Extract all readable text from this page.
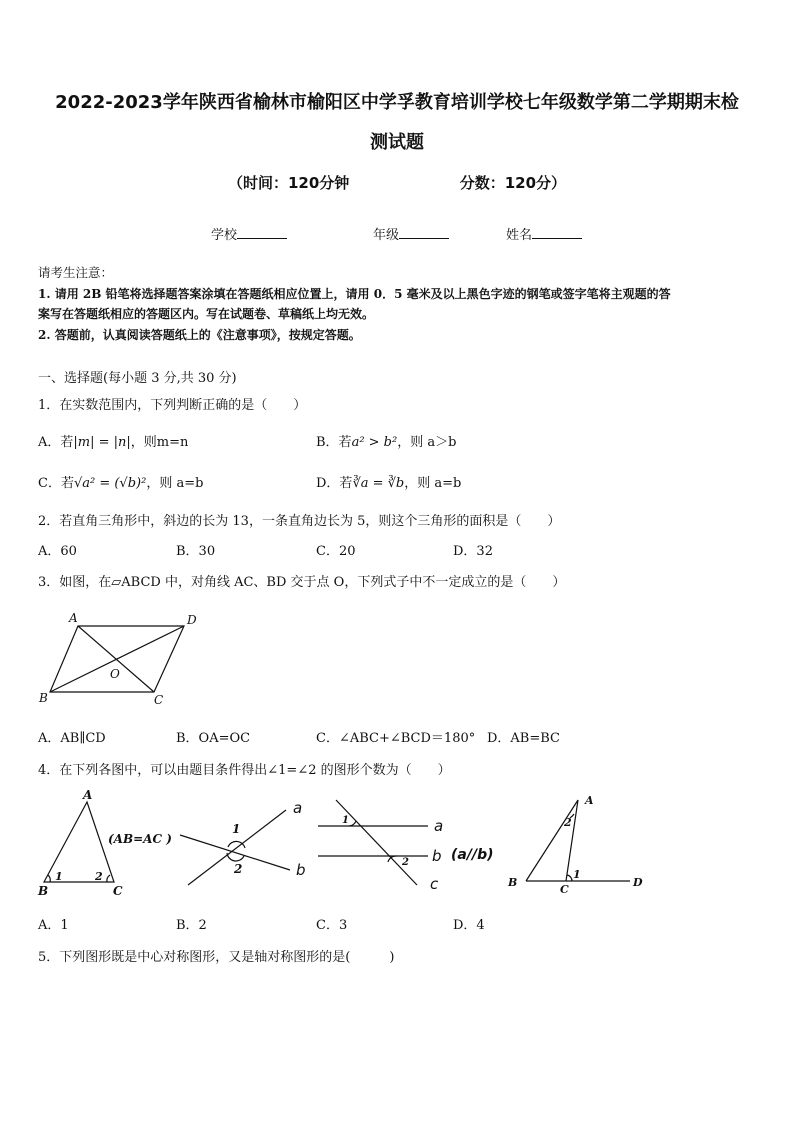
2022-2023学年陕西省榆林市榆阳区中学孚教育培训学校七年级数学第二学期期末检
测试题
（时间：120分钟	分数：120分）
学校	年级	姓名
请考生注意：
1. 请用 2B 铅笔将选择题答案涂填在答题纸相应位置上，请用 0．5 毫米及以上黑色字迹的钢笔或签字笔将主观题的答
案写在答题纸相应的答题区内。写在试题卷、草稿纸上均无效。
2. 答题前，认真阅读答题纸上的《注意事项》，按规定答题。
一、选择题(每小题 3 分,共 30 分)
1．在实数范围内，下列判断正确的是（　　）
A．若|m| = |n|，则m=n	B．若a² > b²，则 a＞b
C．若√a² = (√b)²，则 a=b	D．若∛a = ∛b，则 a=b
2．若直角三角形中，斜边的长为 13，一条直角边长为 5，则这个三角形的面积是（　　）
A．60	B．30	C．20	D．32
3．如图，在▱ABCD 中，对角线 AC、BD 交于点 O，下列式子中不一定成立的是（　　）
A	D
B	C
O
A．AB∥CD	B．OA=OC	C．∠ABC+∠BCD＝180° D．AB=BC
4．在下列各图中，可以由题目条件得出∠1=∠2 的图形个数为（　　）
A
B	C
1	2
(AB=AC )
1
2
a
b
1
2
a
b
c
(a//b)
A
B
C
D
2
1
A．1	B．2	C．3	D．4
5．下列图形既是中心对称图形，又是轴对称图形的是(　　　)
